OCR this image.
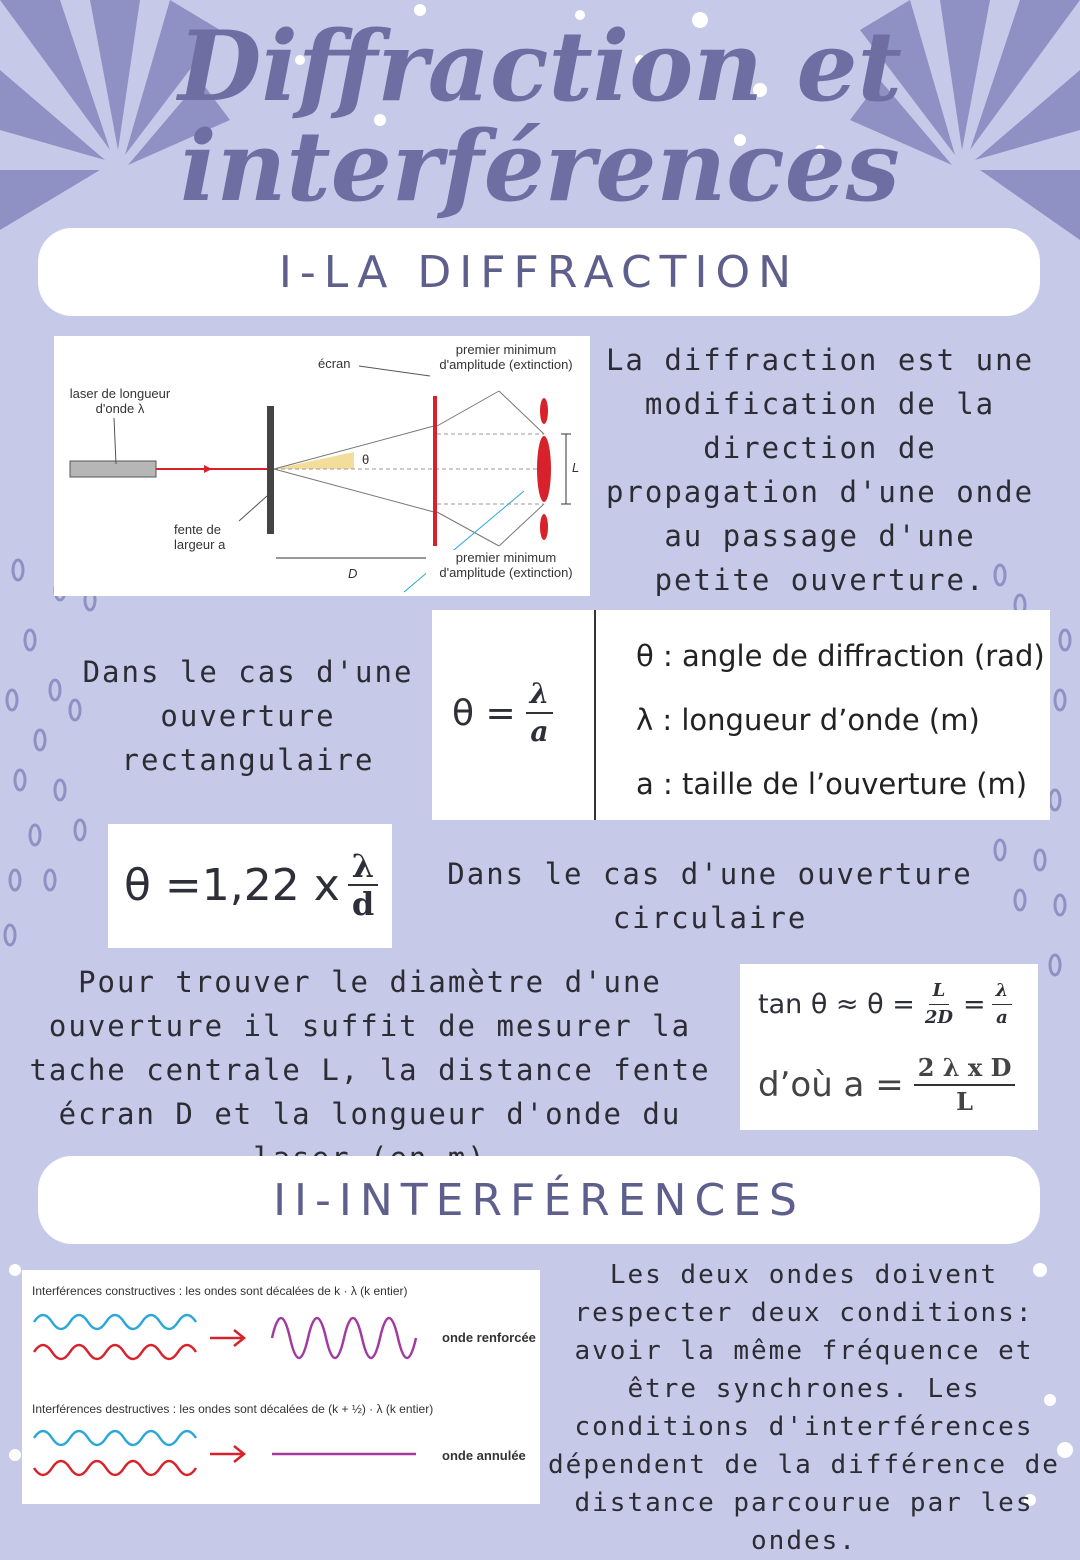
Diffraction et
interférences
I-LA DIFFRACTION
laser de longueur d'onde λ
écran
premier minimum d'amplitude (extinction)
premier minimum d'amplitude (extinction)
fente de largeur a
θ
D
L
La diffraction est une modification de la direction de propagation d'une onde au passage d'une petite ouverture.
Dans le cas d'une ouverture rectangulaire
$\theta = \frac{\lambda}{a}$
θ : angle de diffraction (rad)
λ : longueur d’onde (m)
a : taille de l’ouverture (m)
θ =1,22 x $\frac{\lambda}{d}$ Dans le cas d'une ouverture circulaire
Pour trouver le diamètre d'une ouverture il suffit de mesurer la tache centrale L, la distance fente écran D et la longueur d'onde du
$\tan \theta \approx \theta = \frac{L}{2D} = \frac{\lambda}{a}$
d’où $a = \frac{\text{2 λ x D}}{L}$
II-INTERFÉRENCES
Interférences constructives : les ondes sont décalées de k · λ (k entier)
onde renforcée
Interférences destructives : les ondes sont décalées de (k + ½) · λ (k entier)
onde annulée
Les deux ondes doivent respecter deux conditions: avoir la même fréquence et être synchrones. Les conditions d'interférences dépendent de la différence de distance parcourue par les ondes.
